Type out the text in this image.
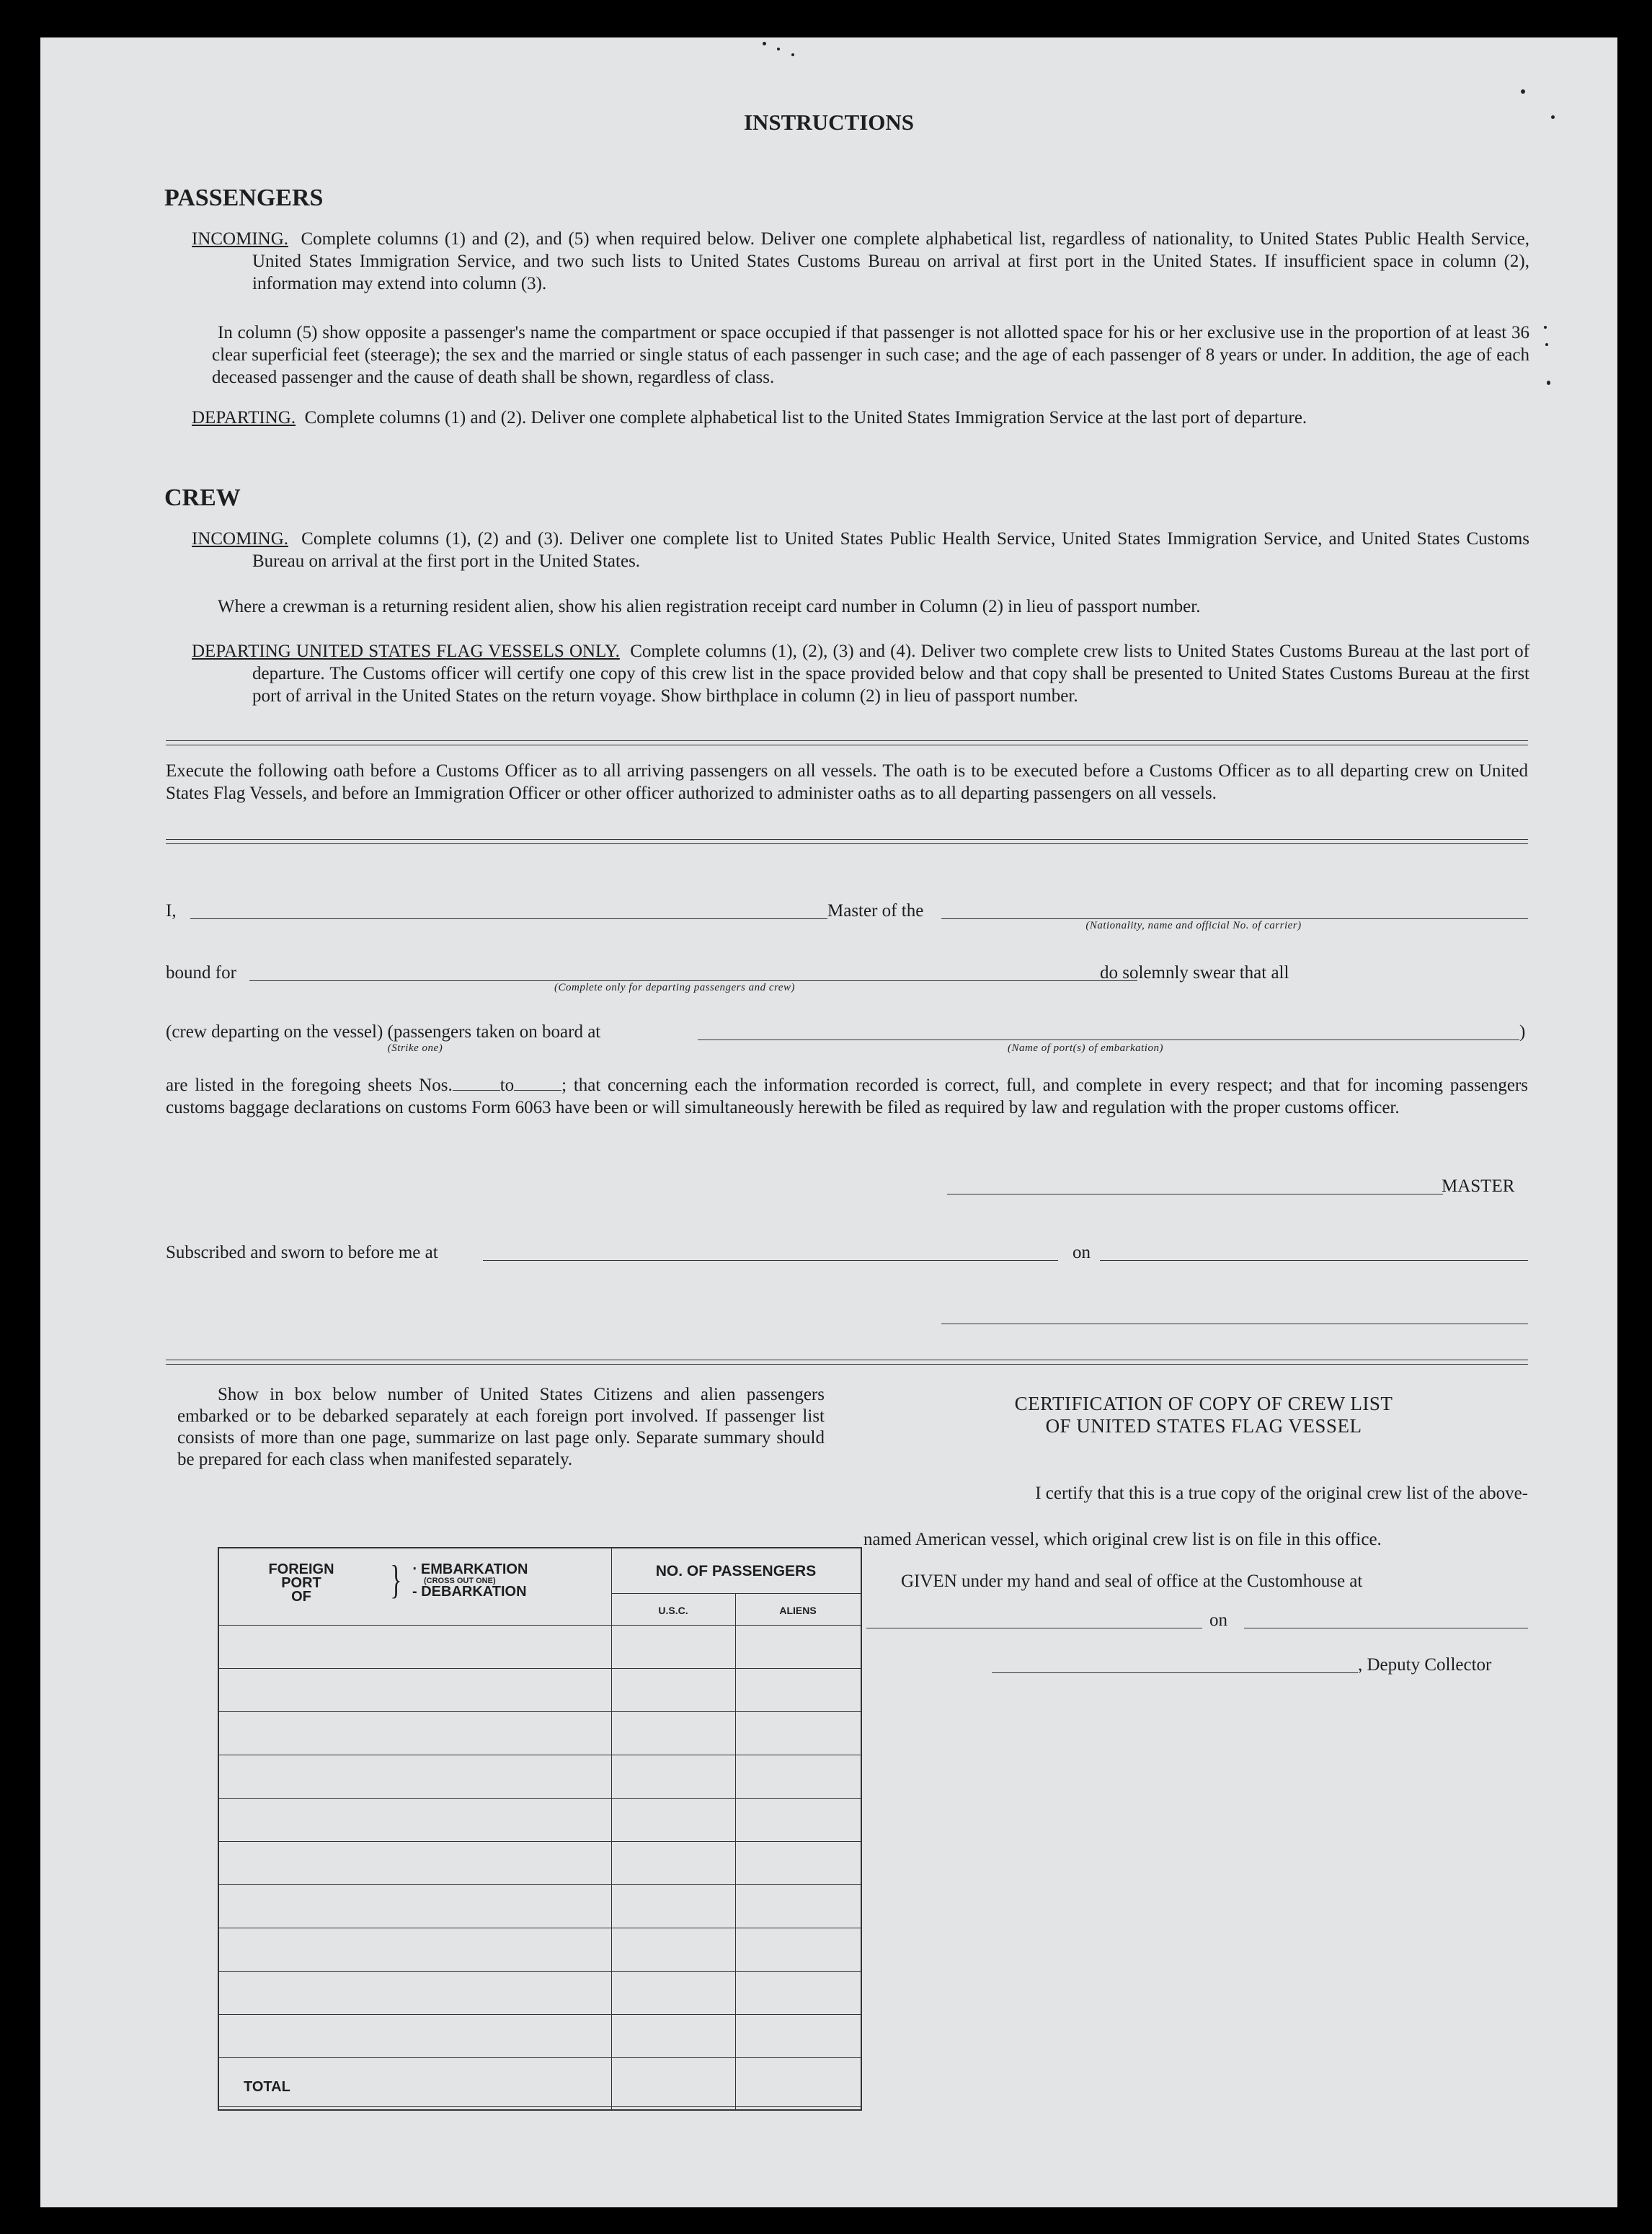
INSTRUCTIONS
PASSENGERS
INCOMING. Complete columns (1) and (2), and (5) when required below. Deliver one complete alphabetical list, regardless of nationality, to United States Public Health Service, United States Immigration Service, and two such lists to United States Customs Bureau on arrival at first port in the United States. If insufficient space in column (2), information may extend into column (3).
In column (5) show opposite a passenger's name the compartment or space occupied if that passenger is not allotted space for his or her exclusive use in the proportion of at least 36 clear superficial feet (steerage); the sex and the married or single status of each passenger in such case; and the age of each passenger of 8 years or under. In addition, the age of each deceased passenger and the cause of death shall be shown, regardless of class.
DEPARTING. Complete columns (1) and (2). Deliver one complete alphabetical list to the United States Immigration Service at the last port of departure.
CREW
INCOMING. Complete columns (1), (2) and (3). Deliver one complete list to United States Public Health Service, United States Immigration Service, and United States Customs Bureau on arrival at the first port in the United States.
Where a crewman is a returning resident alien, show his alien registration receipt card number in Column (2) in lieu of passport number.
DEPARTING UNITED STATES FLAG VESSELS ONLY. Complete columns (1), (2), (3) and (4). Deliver two complete crew lists to United States Customs Bureau at the last port of departure. The Customs officer will certify one copy of this crew list in the space provided below and that copy shall be presented to United States Customs Bureau at the first port of arrival in the United States on the return voyage. Show birthplace in column (2) in lieu of passport number.
Execute the following oath before a Customs Officer as to all arriving passengers on all vessels. The oath is to be executed before a Customs Officer as to all departing crew on United States Flag Vessels, and before an Immigration Officer or other officer authorized to administer oaths as to all departing passengers on all vessels.
I,	Master of the
(Nationality, name and official No. of carrier)
bound for
(Complete only for departing passengers and crew)
do solemnly swear that all
(crew departing on the vessel) (passengers taken on board at
(Strike one)	(Name of port(s) of embarkation)
)
are listed in the foregoing sheets Nos.	to	; that concerning each the information recorded is correct, full, and complete in every respect; and that for incoming passengers customs baggage declarations on customs Form 6063 have been or will simultaneously herewith be filed as required by law and regulation with the proper customs officer.
MASTER
Subscribed and sworn to before me at	on
Show in box below number of United States Citizens and alien passengers embarked or to be debarked separately at each foreign port involved. If passenger list consists of more than one page, summarize on last page only. Separate summary should be prepared for each class when manifested separately.
FOREIGN
PORT
OF	} ‧ EMBARKATION
(CROSS OUT ONE)
- DEBARKATION
NO. OF PASSENGERS
U.S.C.	ALIENS
TOTAL
CERTIFICATION OF COPY OF CREW LIST
OF UNITED STATES FLAG VESSEL
I certify that this is a true copy of the original crew list of the above-
named American vessel, which original crew list is on file in this office.
GIVEN under my hand and seal of office at the Customhouse at
on
, Deputy Collector
